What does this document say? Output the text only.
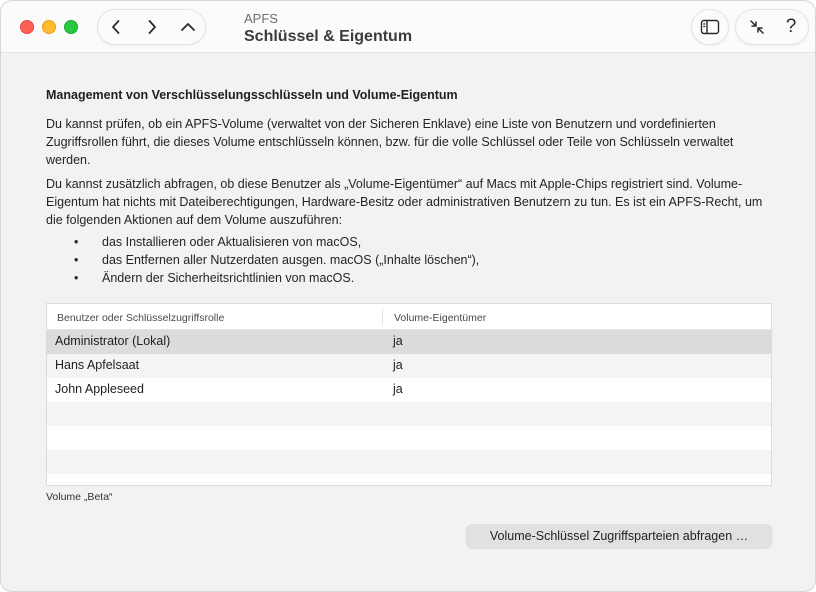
APFS
Schlüssel & Eigentum	?
Management von Verschlüsselungsschlüsseln und Volume-Eigentum
Du kannst prüfen, ob ein APFS-Volume (verwaltet von der Sicheren Enklave) eine Liste von Benutzern und vordefinierten Zugriffsrollen führt, die dieses Volume entschlüsseln können, bzw. für die volle Schlüssel oder Teile von Schlüsseln verwaltet werden.
Du kannst zusätzlich abfragen, ob diese Benutzer als „Volume-Eigentümer“ auf Macs mit Apple-Chips registriert sind. Volume-Eigentum hat nichts mit Dateiberechtigungen, Hardware-Besitz oder administrativen Benutzern zu tun. Es ist ein APFS-Recht, um die folgenden Aktionen auf dem Volume auszuführen:
• das Installieren oder Aktualisieren von macOS,
• das Entfernen aller Nutzerdaten ausgen. macOS („Inhalte löschen“),
• Ändern der Sicherheitsrichtlinien von macOS.
Benutzer oder Schlüsselzugriffsrolle	Volume-Eigentümer
Administrator (Lokal)	ja
Hans Apfelsaat	ja
John Appleseed	ja
Volume „Beta“
Volume-Schlüssel Zugriffsparteien abfragen …
